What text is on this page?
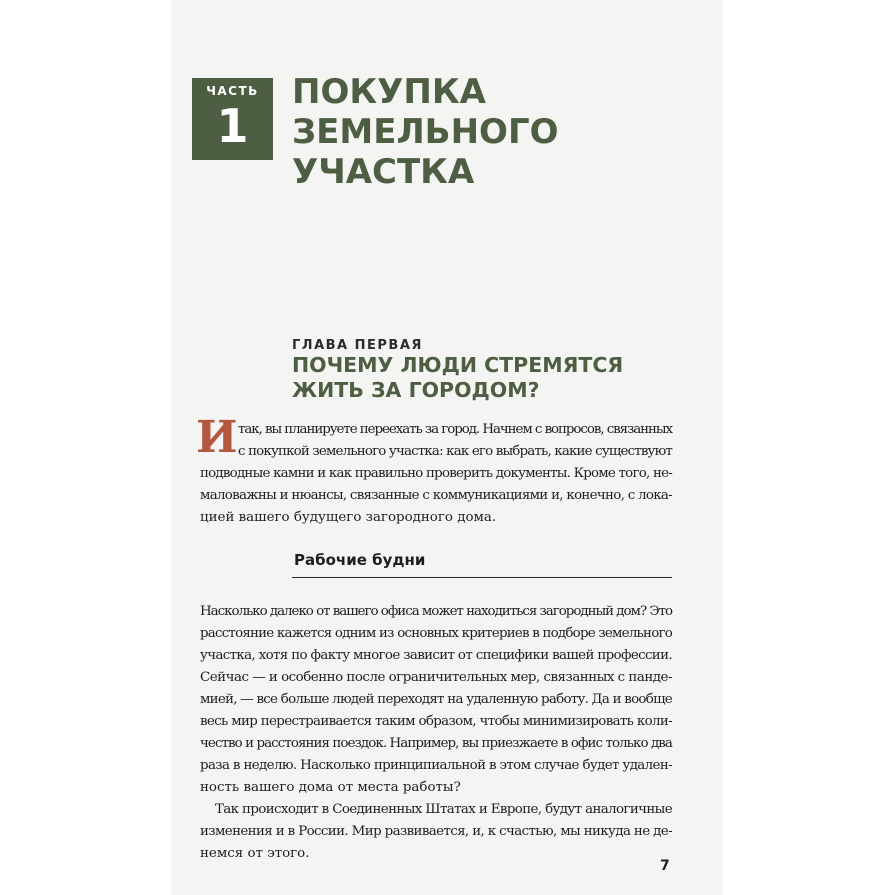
ЧАСТЬ
1
ПОКУПКА
ЗЕМЕЛЬНОГО
УЧАСТКА
ГЛАВА ПЕРВАЯ
ПОЧЕМУ ЛЮДИ СТРЕМЯТСЯ
ЖИТЬ ЗА ГОРОДОМ?
И так, вы планируете переехать за город. Начнем с вопросов, связанных
с покупкой земельного участка: как его выбрать, какие существуют
подводные камни и как правильно проверить документы. Кроме того, не-
маловажны и нюансы, связанные с коммуникациями и, конечно, с лока-
цией вашего будущего загородного дома.
Рабочие будни
Насколько далеко от вашего офиса может находиться загородный дом? Это
расстояние кажется одним из основных критериев в подборе земельного
участка, хотя по факту многое зависит от специфики вашей профессии.
Сейчас — и особенно после ограничительных мер, связанных с панде-
мией, — все больше людей переходят на удаленную работу. Да и вообще
весь мир перестраивается таким образом, чтобы минимизировать коли-
чество и расстояния поездок. Например, вы приезжаете в офис только два
раза в неделю. Насколько принципиальной в этом случае будет удален-
ность вашего дома от места работы?
Так происходит в Соединенных Штатах и Европе, будут аналогичные
изменения и в России. Мир развивается, и, к счастью, мы никуда не де-
немся от этого.
7
